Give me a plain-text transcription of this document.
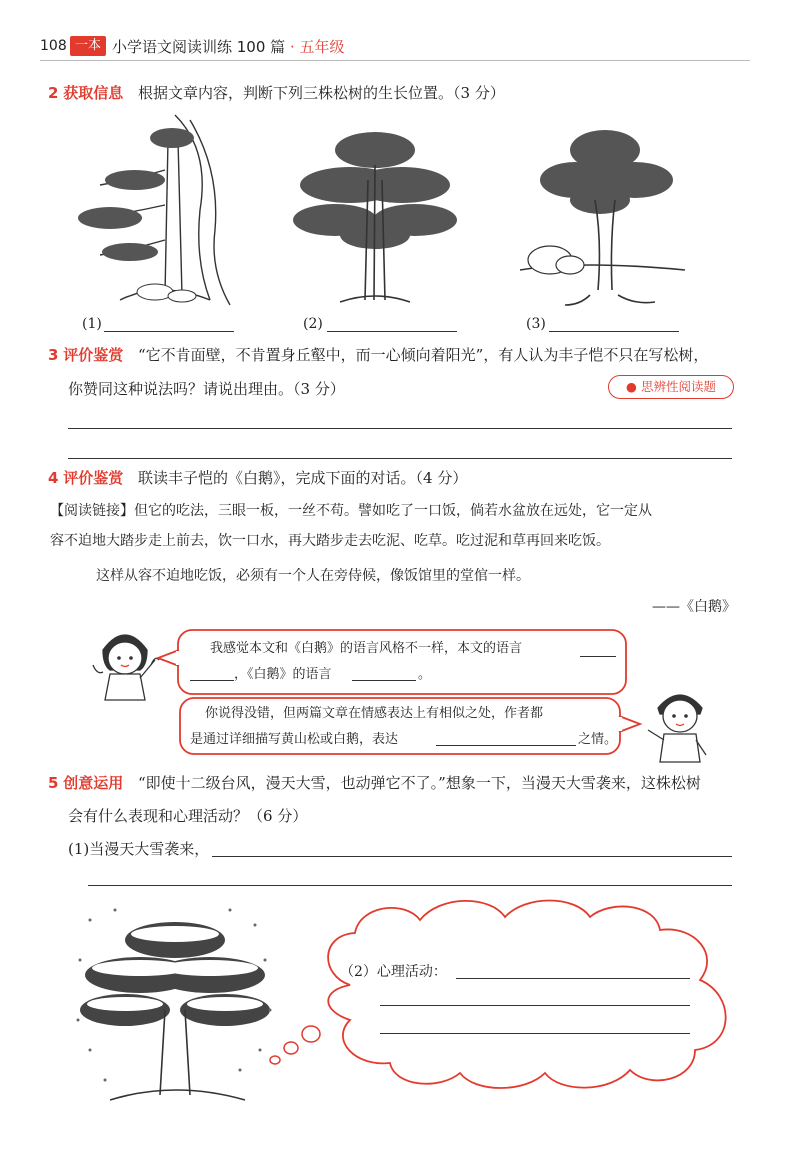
108 一本 小学语文阅读训练 100 篇 · 五年级
2 获取信息 根据文章内容，判断下列三株松树的生长位置。（3 分）
(1)	(2)	(3)
3 评价鉴赏 “它不肯面壁，不肯置身丘壑中，而一心倾向着阳光”，有人认为丰子恺不只在写松树，
你赞同这种说法吗？请说出理由。（3 分）	● 思辨性阅读题
4 评价鉴赏 联读丰子恺的《白鹅》，完成下面的对话。（4 分）
【阅读链接】但它的吃法，三眼一板，一丝不苟。譬如吃了一口饭，倘若水盆放在远处，它一定从
容不迫地大踏步走上前去，饮一口水，再大踏步走去吃泥、吃草。吃过泥和草再回来吃饭。
这样从容不迫地吃饭，必须有一个人在旁侍候，像饭馆里的堂倌一样。
——《白鹅》
我感觉本文和《白鹅》的语言风格不一样，本文的语言
，《白鹅》的语言	。
你说得没错，但两篇文章在情感表达上有相似之处，作者都
是通过详细描写黄山松或白鹅，表达	之情。
5 创意运用 “即使十二级台风，漫天大雪，也动弹它不了。”想象一下，当漫天大雪袭来，这株松树
会有什么表现和心理活动？（6 分）
(1)当漫天大雪袭来，
（2）心理活动：
